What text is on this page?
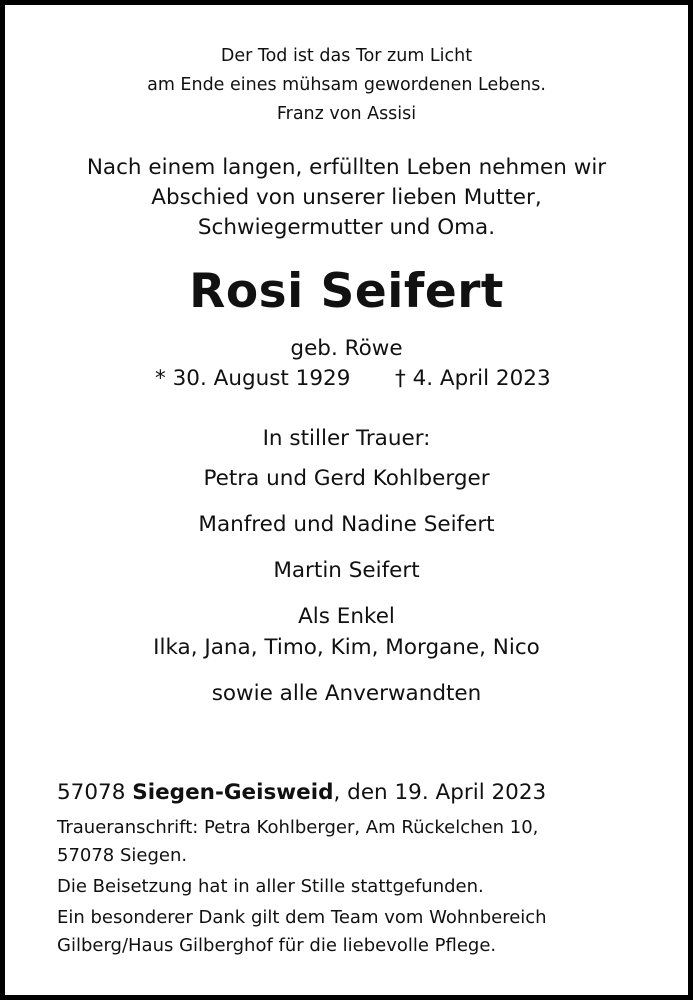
Der Tod ist das Tor zum Licht
am Ende eines mühsam gewordenen Lebens.
Franz von Assisi
Nach einem langen, erfüllten Leben nehmen wir
Abschied von unserer lieben Mutter,
Schwiegermutter und Oma.
Rosi Seifert
geb. Röwe
* 30. August 1929 † 4. April 2023
In stiller Trauer:
Petra und Gerd Kohlberger
Manfred und Nadine Seifert
Martin Seifert
Als Enkel
Ilka, Jana, Timo, Kim, Morgane, Nico
sowie alle Anverwandten
57078 Siegen-Geisweid, den 19. April 2023
Traueranschrift: Petra Kohlberger, Am Rückelchen 10,
57078 Siegen.
Die Beisetzung hat in aller Stille stattgefunden.
Ein besonderer Dank gilt dem Team vom Wohnbereich
Gilberg/Haus Gilberghof für die liebevolle Pflege.
